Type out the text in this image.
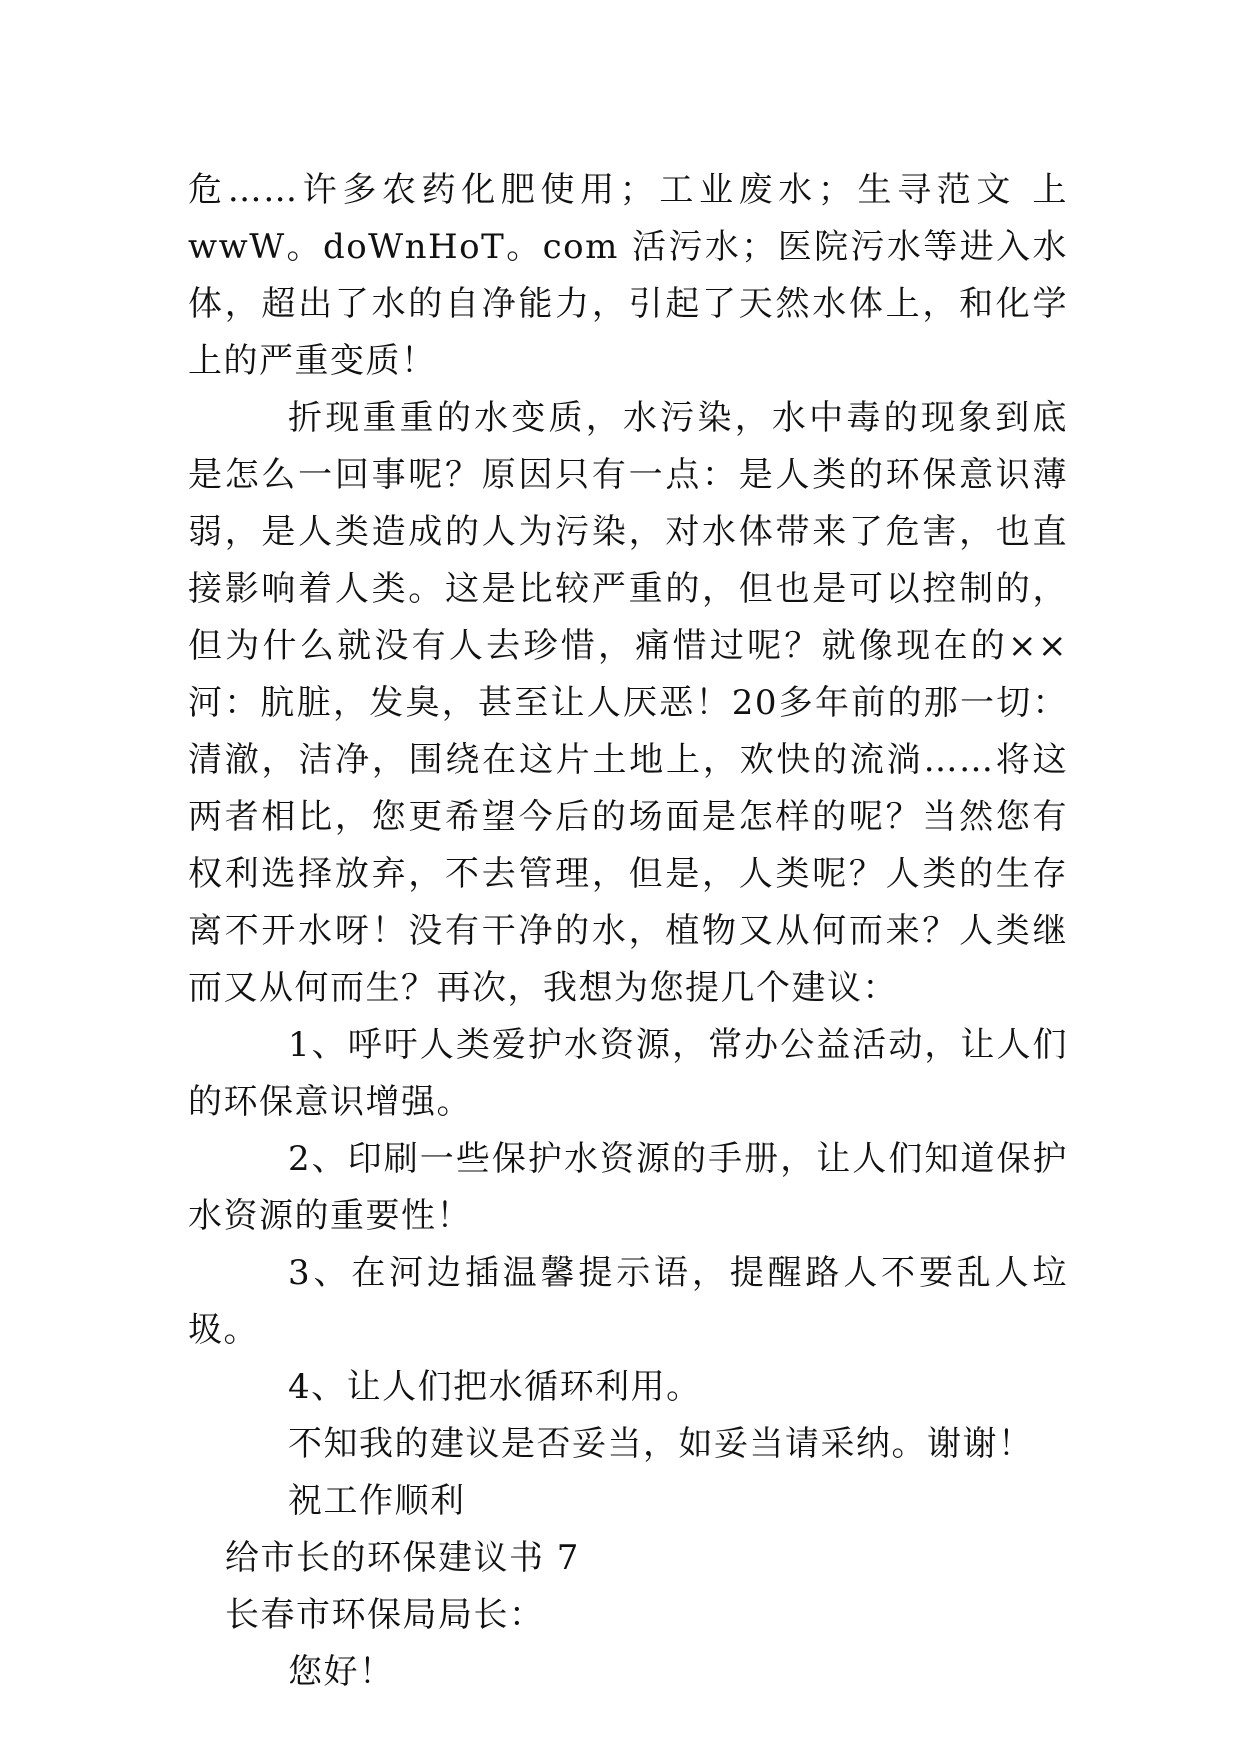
危……许多农药化肥使用；工业废水；生寻范文 上 wwW。doWnHoT。com 活污水；医院污水等进入水体，超出了水的自净能力，引起了天然水体上，和化学上的严重变质！

折现重重的水变质，水污染，水中毒的现象到底是怎么一回事呢？原因只有一点：是人类的环保意识薄弱，是人类造成的人为污染，对水体带来了危害，也直接影响着人类。这是比较严重的，但也是可以控制的，但为什么就没有人去珍惜，痛惜过呢？就像现在的××河：肮脏，发臭，甚至让人厌恶！20多年前的那一切：清澈，洁净，围绕在这片土地上，欢快的流淌……将这两者相比，您更希望今后的场面是怎样的呢？当然您有权利选择放弃，不去管理，但是，人类呢？人类的生存离不开水呀！没有干净的水，植物又从何而来？人类继而又从何而生？再次，我想为您提几个建议：

1、呼吁人类爱护水资源，常办公益活动，让人们的环保意识增强。

2、印刷一些保护水资源的手册，让人们知道保护水资源的重要性！

3、在河边插温馨提示语，提醒路人不要乱人垃圾。

4、让人们把水循环利用。

不知我的建议是否妥当，如妥当请采纳。谢谢！

祝工作顺利

给市长的环保建议书 7

长春市环保局局长：

您好！
